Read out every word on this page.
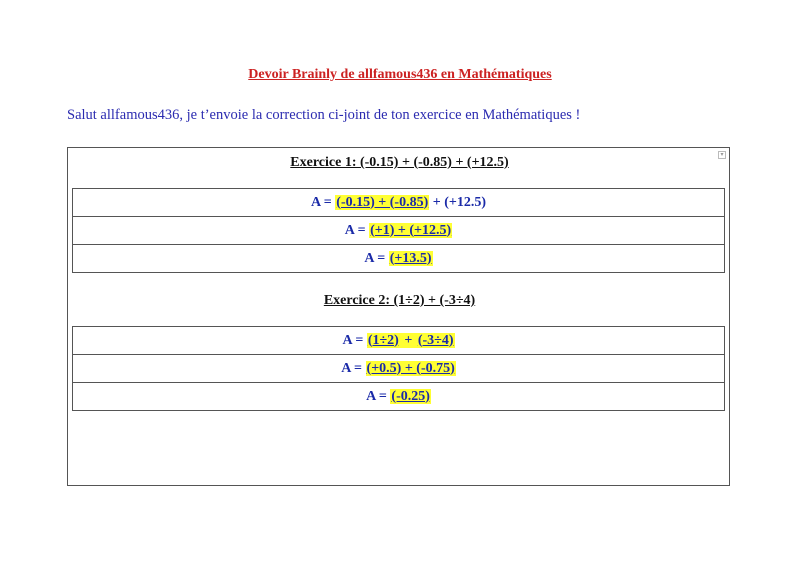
Devoir Brainly de allfamous436 en Mathématiques
Salut allfamous436, je t’envoie la correction ci-joint de ton exercice en Mathématiques !
▾
Exercice 1: (-0.15) + (-0.85) + (+12.5)
Exercice 2: (1÷2) + (-3÷4)
A = (-0.15) + (-0.85) + (+12.5)
A = (+1) + (+12.5)
A = (+13.5)
A = (1÷2) + (-3÷4)
A = (+0.5) + (-0.75)
A = (-0.25)
